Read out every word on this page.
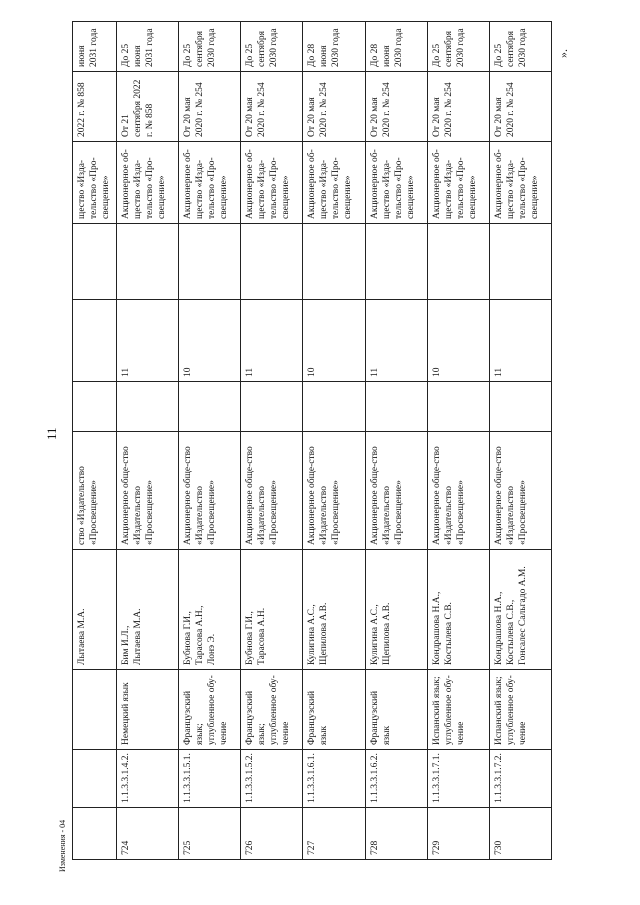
11
Изменения - 04
».
			Лытаева М.А.	ство «Издательство «Просвещение»				щество «Изда-тельство «Про-свещение»	2022 г. № 858	июня 2031 года
724	1.1.3.3.1.4.2.	Немецкий язык	Бим И.Л.,
Лытаева М.А.	Акционерное обще-ство «Издательство «Просвещение»		11		Акционерное об-щество «Изда-тельство «Про-свещение»	От 21 сентября 2022 г. № 858	До 25 июня 2031 года
725	1.1.3.3.1.5.1.	Французский язык; углубленное обу-чение	Бубнова Г.И.,
Тарасова А.Н.,
Лонэ Э.	Акционерное обще-ство «Издательство «Просвещение»		10		Акционерное об-щество «Изда-тельство «Про-свещение»	От 20 мая 2020 г. № 254	До 25 сентября 2030 года
726	1.1.3.3.1.5.2.	Французский язык; углубленное обу-чение	Бубнова Г.И.,
Тарасова А.Н.	Акционерное обще-ство «Издательство «Просвещение»		11		Акционерное об-щество «Изда-тельство «Про-свещение»	От 20 мая 2020 г. № 254	До 25 сентября 2030 года
727	1.1.3.3.1.6.1.	Французский язык	Кулигина А.С.,
Щепилова А.В.	Акционерное обще-ство «Издательство «Просвещение»		10		Акционерное об-щество «Изда-тельство «Про-свещение»	От 20 мая 2020 г. № 254	До 28 июня 2030 года
728	1.1.3.3.1.6.2.	Французский язык	Кулигина А.С.,
Щепилова А.В.	Акционерное обще-ство «Издательство «Просвещение»		11		Акционерное об-щество «Изда-тельство «Про-свещение»	От 20 мая 2020 г. № 254	До 28 июня 2030 года
729	1.1.3.3.1.7.1.	Испанский язык; углубленное обу-чение	Кондрашова Н.А.,
Костылева С.В.	Акционерное обще-ство «Издательство «Просвещение»		10		Акционерное об-щество «Изда-тельство «Про-свещение»	От 20 мая 2020 г. № 254	До 25 сентября 2030 года
730	1.1.3.3.1.7.2.	Испанский язык; углубленное обу-чение	Кондрашова Н.А.,
Костылева С.В.,
Гонсалес Сальгадо А.М.	Акционерное обще-ство «Издательство «Просвещение»		11		Акционерное об-щество «Изда-тельство «Про-свещение»	От 20 мая 2020 г. № 254	До 25 сентября 2030 года
